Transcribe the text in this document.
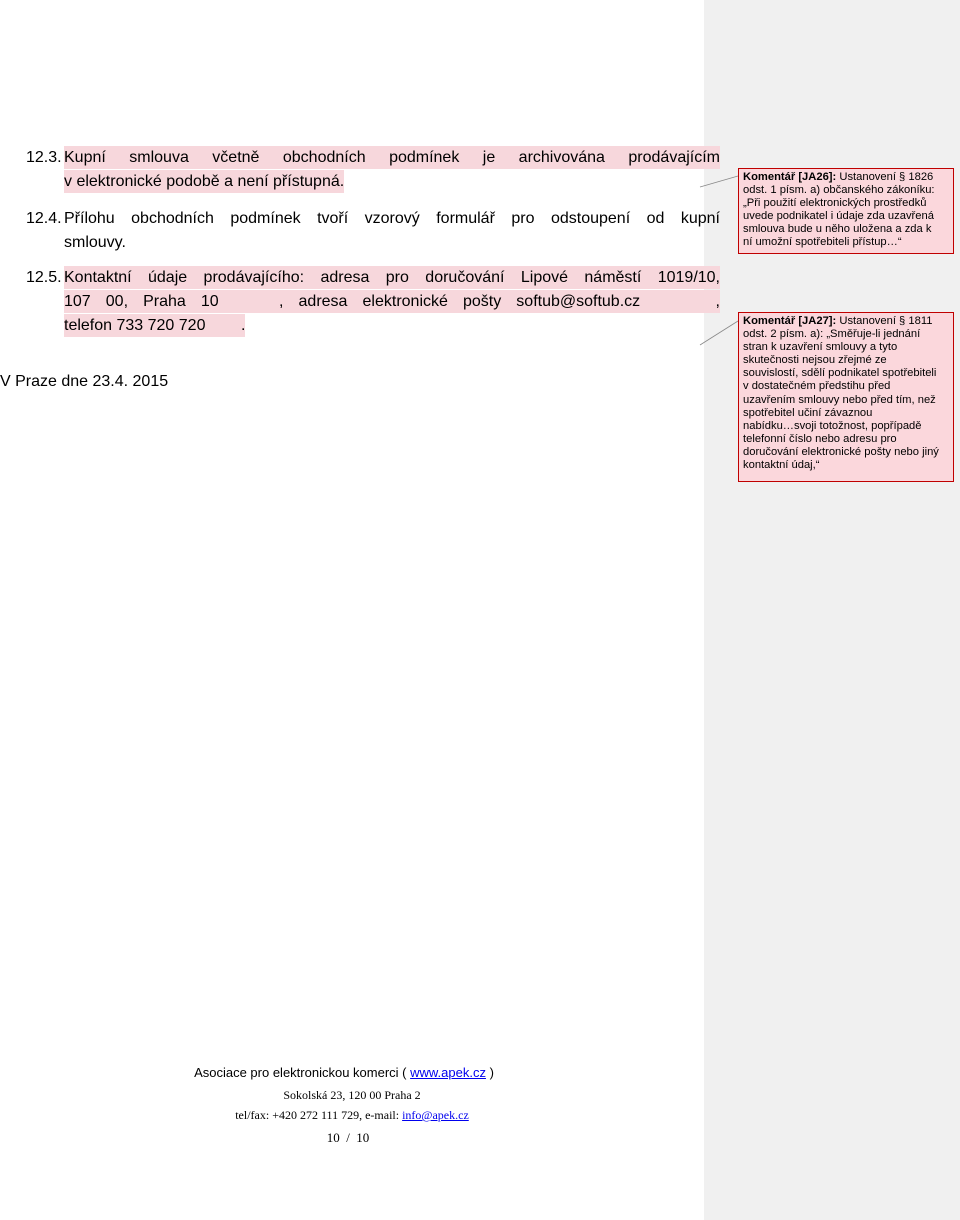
12.3. Kupní smlouva včetně obchodních podmínek je archivována prodávajícím
v elektronické podobě a není přístupná.
12.4. Přílohu obchodních podmínek tvoří vzorový formulář pro odstoupení od kupní
smlouvy.
12.5. Kontaktní údaje prodávajícího: adresa pro doručování Lipové náměstí 1019/10,
107  00,  Praha  10        ,  adresa  elektronické  pošty  softub@softub.cz          ,
telefon 733 720 720        .
V Praze dne 23.4. 2015
Komentář [JA26]: Ustanovení § 1826
odst. 1 písm. a) občanského zákoníku:
„Při použití elektronických prostředků
uvede podnikatel i údaje zda uzavřená
smlouva bude u něho uložena a zda k
ní umožní spotřebiteli přístup…“
Komentář [JA27]: Ustanovení § 1811
odst. 2 písm. a): „Směřuje-li jednání
stran k uzavření smlouvy a tyto
skutečnosti nejsou zřejmé ze
souvislostí, sdělí podnikatel spotřebiteli
v dostatečném předstihu před
uzavřením smlouvy nebo před tím, než
spotřebitel učiní závaznou
nabídku…svoji totožnost, popřípadě
telefonní číslo nebo adresu pro
doručování elektronické pošty nebo jiný
kontaktní údaj,“
Asociace pro elektronickou komerci ( www.apek.cz )
Sokolská 23, 120 00 Praha 2
tel/fax: +420 272 111 729, e-mail: info@apek.cz
10  /  10
